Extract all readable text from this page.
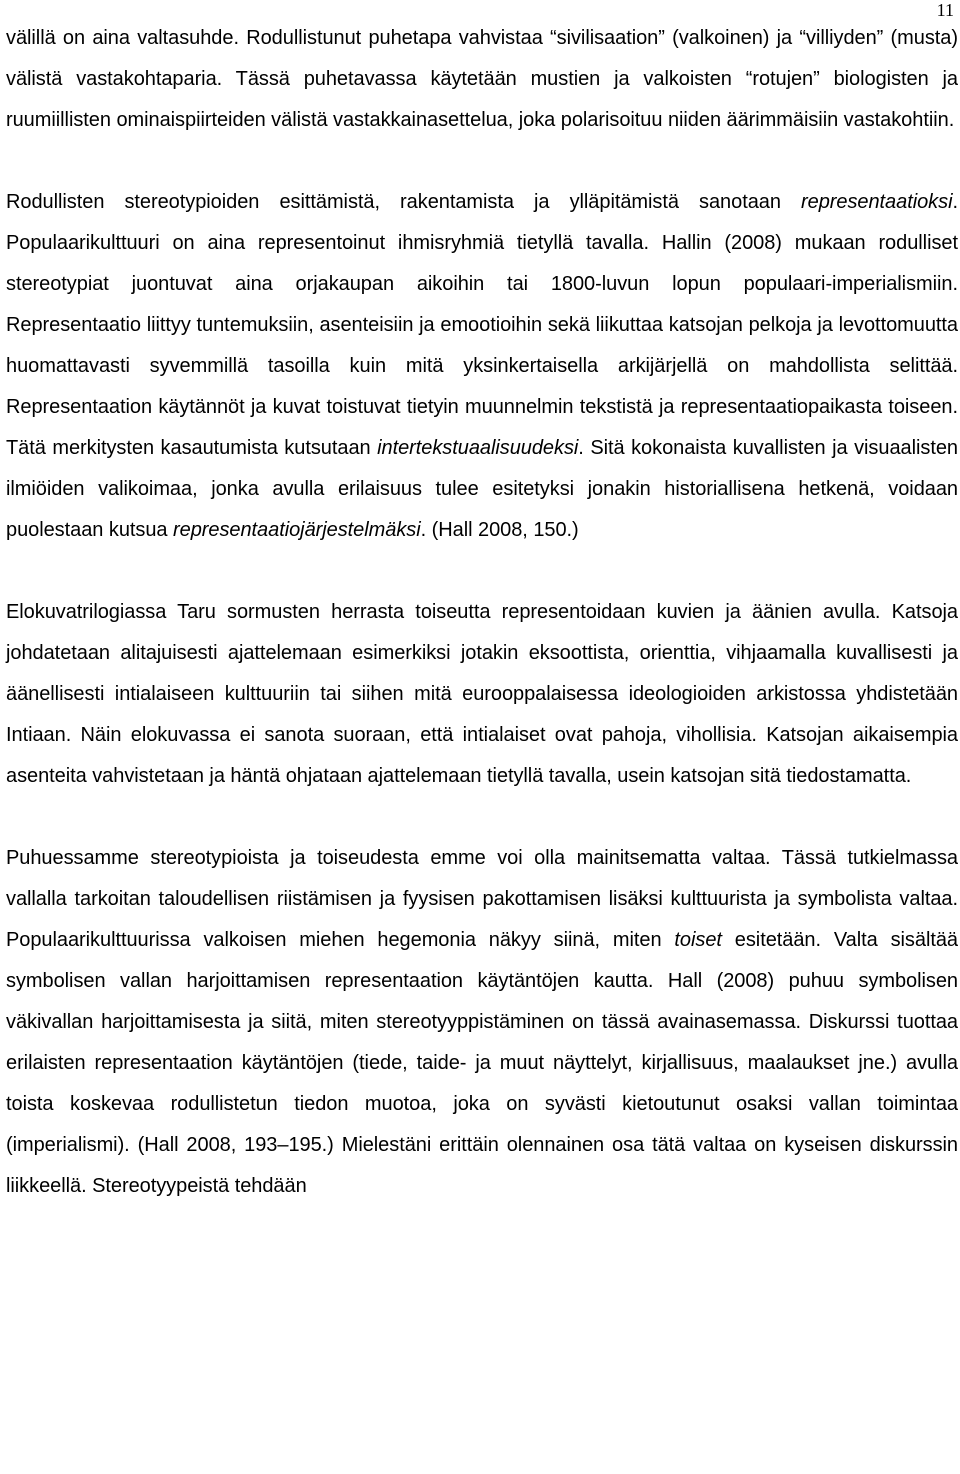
11

välillä on aina valtasuhde. Rodullistunut puhetapa vahvistaa “sivilisaation” (valkoinen) ja “villiyden” (musta) välistä vastakohtaparia. Tässä puhetavassa käytetään mustien ja valkoisten “rotujen” biologisten ja ruumiillisten ominaispiirteiden välistä vastakkainasettelua, joka polarisoituu niiden äärimmäisiin vastakohtiin.

Rodullisten stereotypioiden esittämistä, rakentamista ja ylläpitämistä sanotaan representaatioksi. Populaarikulttuuri on aina representoinut ihmisryhmiä tietyllä tavalla. Hallin (2008) mukaan rodulliset stereotypiat juontuvat aina orjakaupan aikoihin tai 1800-luvun lopun populaari-imperialismiin. Representaatio liittyy tuntemuksiin, asenteisiin ja emootioihin sekä liikuttaa katsojan pelkoja ja levottomuutta huomattavasti syvemmillä tasoilla kuin mitä yksinkertaisella arkijärjellä on mahdollista selittää. Representaation käytännöt ja kuvat toistuvat tietyin muunnelmin tekstistä ja representaatiopaikasta toiseen. Tätä merkitysten kasautumista kutsutaan intertekstuaalisuudeksi. Sitä kokonaista kuvallisten ja visuaalisten ilmiöiden valikoimaa, jonka avulla erilaisuus tulee esitetyksi jonakin historiallisena hetkenä, voidaan puolestaan kutsua representaatiojärjestelmäksi. (Hall 2008, 150.)

Elokuvatrilogiassa Taru sormusten herrasta toiseutta representoidaan kuvien ja äänien avulla. Katsoja johdatetaan alitajuisesti ajattelemaan esimerkiksi jotakin eksoottista, orienttia, vihjaamalla kuvallisesti ja äänellisesti intialaiseen kulttuuriin tai siihen mitä eurooppalaisessa ideologioiden arkistossa yhdistetään Intiaan. Näin elokuvassa ei sanota suoraan, että intialaiset ovat pahoja, vihollisia. Katsojan aikaisempia asenteita vahvistetaan ja häntä ohjataan ajattelemaan tietyllä tavalla, usein katsojan sitä tiedostamatta.

Puhuessamme stereotypioista ja toiseudesta emme voi olla mainitsematta valtaa. Tässä tutkielmassa vallalla tarkoitan taloudellisen riistämisen ja fyysisen pakottamisen lisäksi kulttuurista ja symbolista valtaa. Populaarikulttuurissa valkoisen miehen hegemonia näkyy siinä, miten toiset esitetään. Valta sisältää symbolisen vallan harjoittamisen representaation käytäntöjen kautta. Hall (2008) puhuu symbolisen väkivallan harjoittamisesta ja siitä, miten stereotyyppistäminen on tässä avainasemassa. Diskurssi tuottaa erilaisten representaation käytäntöjen (tiede, taide- ja muut näyttelyt, kirjallisuus, maalaukset jne.) avulla toista koskevaa rodullistetun tiedon muotoa, joka on syvästi kietoutunut osaksi vallan toimintaa (imperialismi). (Hall 2008, 193–195.) Mielestäni erittäin olennainen osa tätä valtaa on kyseisen diskurssin liikkeellä. Stereotyypeistä tehdään
